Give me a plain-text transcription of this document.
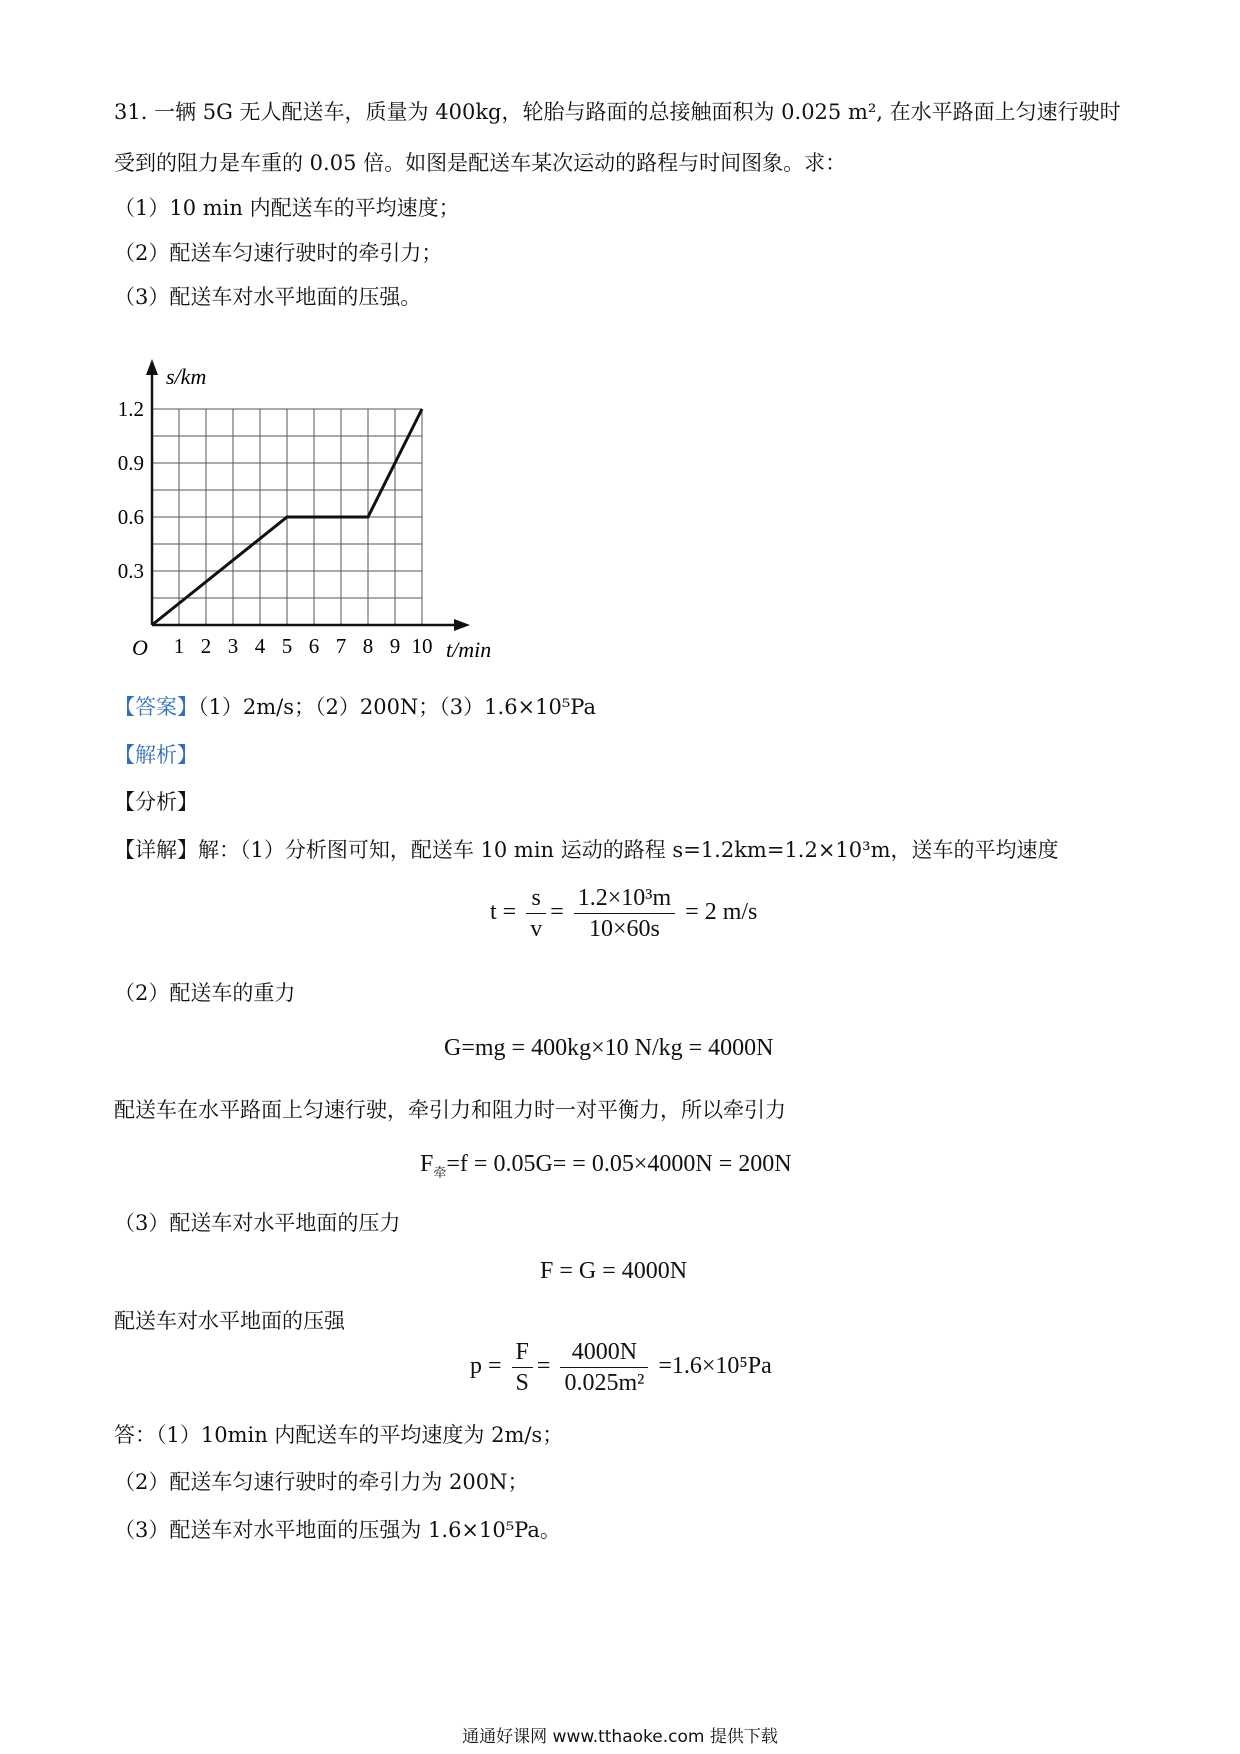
31. 一辆 5G 无人配送车，质量为 400kg，轮胎与路面的总接触面积为 0.025 m², 在水平路面上匀速行驶时
受到的阻力是车重的 0.05 倍。如图是配送车某次运动的路程与时间图象。求：
（1）10 min 内配送车的平均速度；
（2）配送车匀速行驶时的牵引力；
（3）配送车对水平地面的压强。
s/km
t/min
O 1 2 3 4 5 6 7 8 9 10
0.3
0.6
0.9
1.2
【答案】（1）2m/s；（2）200N；（3）1.6×10⁵Pa
【解析】
【分析】
【详解】解：（1）分析图可知，配送车 10 min 运动的路程 s=1.2km=1.2×10³m，送车的平均速度
$t = \frac{s}{v} = \frac{\text{1.2×10³m}}{10\times 60s} = 2$ m/s
（2）配送车的重力
G=mg = 400kg×10 N/kg = 4000N
配送车在水平路面上匀速行驶，牵引力和阻力时一对平衡力，所以牵引力
$F_牵=f = 0.05G= = 0.05\times 4000N = 200N$
（3）配送车对水平地面的压力
F = G = 4000N
配送车对水平地面的压强
$p = \frac{F}{S} = \frac{4000N}{\text{0.025m²}} =1.6\times 10^5Pa$
答：（1）10min 内配送车的平均速度为 2m/s；
（2）配送车匀速行驶时的牵引力为 200N；
（3）配送车对水平地面的压强为 1.6×10⁵Pa。
通通好课网 www.tthaoke.com 提供下载
